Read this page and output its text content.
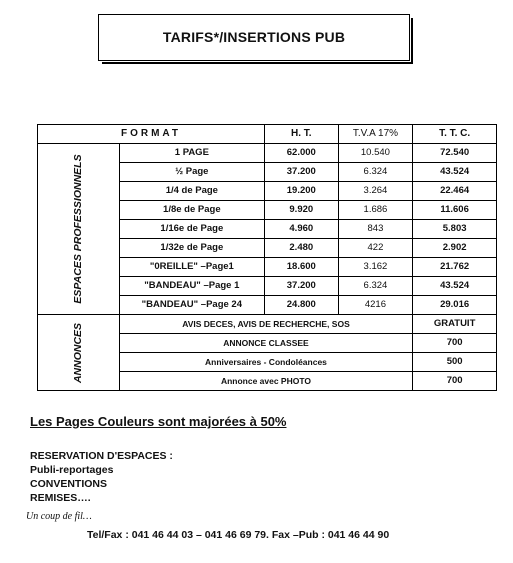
TARIFS*/INSERTIONS PUB
FORMAT		H. T.	T.V.A 17%	T. T. C.

ESPACES PROFESSIONNELS	1 PAGE	62.000	10.540	72.540
	½ Page	37.200	6.324	43.524
	1/4 de Page	19.200	3.264	22.464
	1/8e de Page	9.920	1.686	11.606
	1/16e de Page	4.960	843	5.803
	1/32e de Page	2.480	422	2.902
	"0REILLE" –Page1	18.600	3.162	21.762
	"BANDEAU" –Page 1	37.200	6.324	43.524
	"BANDEAU" –Page 24	24.800	4216	29.016

ANNONCES	AVIS DECES, AVIS DE RECHERCHE, SOS			GRATUIT
	ANNONCE CLASSEE			700
	Anniversaires - Condoléances			500
	Annonce avec PHOTO			700
Les Pages Couleurs sont majorées à 50%
RESERVATION D'ESPACES :
Publi-reportages
CONVENTIONS
REMISES….
Un coup de fil…
Tel/Fax : 041 46 44 03 – 041 46 69 79. Fax –Pub : 041 46 44 90
